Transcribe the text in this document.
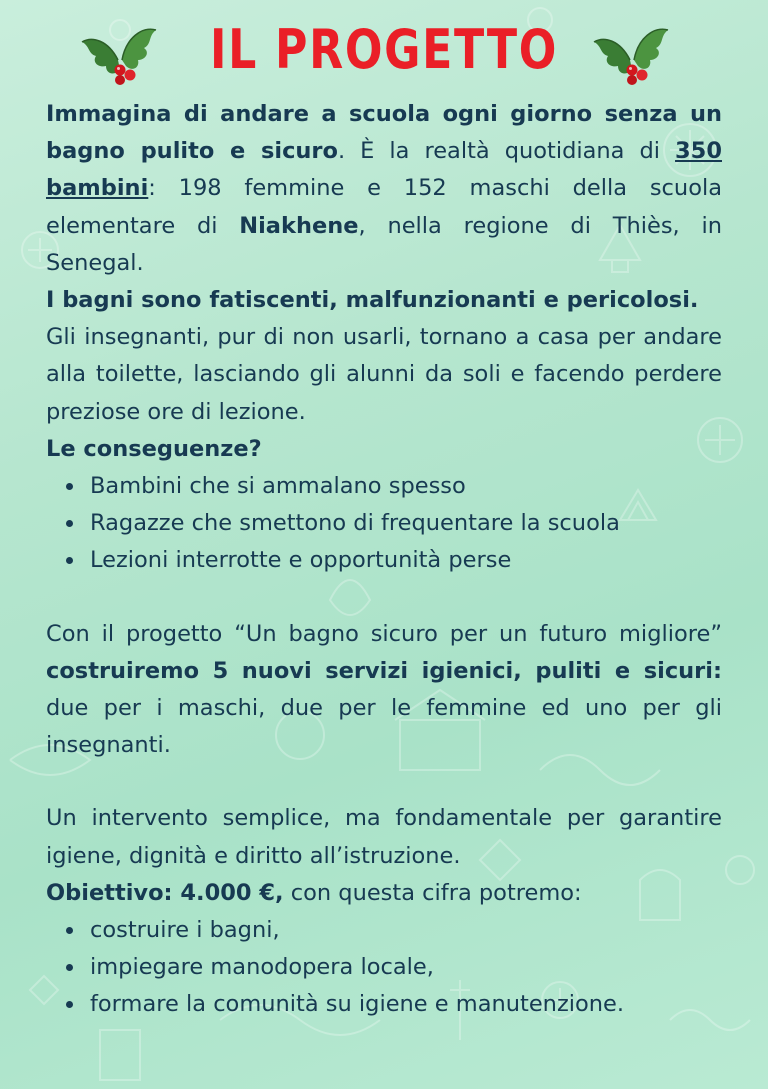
IL PROGETTO

Immagina di andare a scuola ogni giorno senza un bagno pulito e sicuro. È la realtà quotidiana di 350 bambini: 198 femmine e 152 maschi della scuola elementare di Niakhene, nella regione di Thiès, in Senegal.

I bagni sono fatiscenti, malfunzionanti e pericolosi.

Gli insegnanti, pur di non usarli, tornano a casa per andare alla toilette, lasciando gli alunni da soli e facendo perdere preziose ore di lezione.

Le conseguenze?

Bambini che si ammalano spesso
Ragazze che smettono di frequentare la scuola
Lezioni interrotte e opportunità perse

Con il progetto “Un bagno sicuro per un futuro migliore” costruiremo 5 nuovi servizi igienici, puliti e sicuri: due per i maschi, due per le femmine ed uno per gli insegnanti.

Un intervento semplice, ma fondamentale per garantire igiene, dignità e diritto all’istruzione.

Obiettivo: 4.000 €, con questa cifra potremo:

costruire i bagni,
impiegare manodopera locale,
formare la comunità su igiene e manutenzione.
